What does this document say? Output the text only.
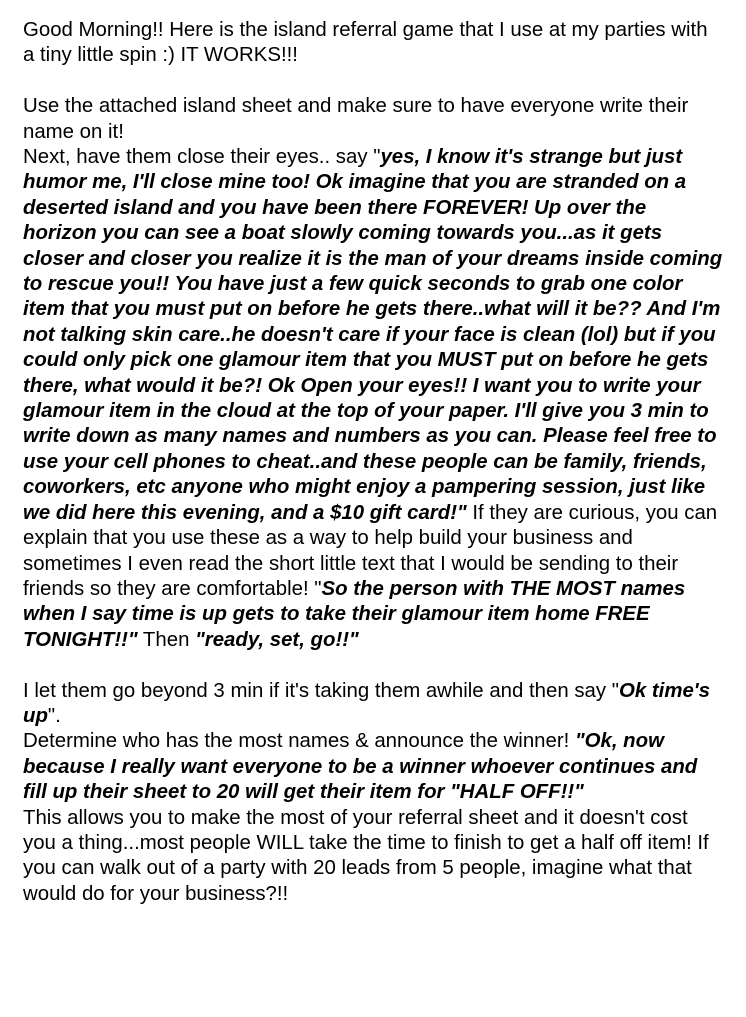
Good Morning!! Here is the island referral game that I use at my parties with a tiny little spin :) IT WORKS!!!

Use the attached island sheet and make sure to have everyone write their name on it!

Next, have them close their eyes.. say "yes, I know it's strange but just humor me, I'll close mine too! Ok imagine that you are stranded on a deserted island and you have been there FOREVER! Up over the horizon you can see a boat slowly coming towards you...as it gets closer and closer you realize it is the man of your dreams inside coming to rescue you!! You have just a few quick seconds to grab one color item that you must put on before he gets there..what will it be?? And I'm not talking skin care..he doesn't care if your face is clean (lol) but if you could only pick one glamour item that you MUST put on before he gets there, what would it be?! Ok Open your eyes!! I want you to write your glamour item in the cloud at the top of your paper. I'll give you 3 min to write down as many names and numbers as you can. Please feel free to use your cell phones to cheat..and these people can be family, friends, coworkers, etc anyone who might enjoy a pampering session, just like we did here this evening, and a $10 gift card!" If they are curious, you can explain that you use these as a way to help build your business and sometimes I even read the short little text that I would be sending to their friends so they are comfortable! "So the person with THE MOST names when I say time is up gets to take their glamour item home FREE TONIGHT!!" Then "ready, set, go!!"

I let them go beyond 3 min if it's taking them awhile and then say "Ok time's up".

Determine who has the most names & announce the winner! "Ok, now because I really want everyone to be a winner whoever continues and fill up their sheet to 20 will get their item for "HALF OFF!!"

This allows you to make the most of your referral sheet and it doesn't cost you a thing...most people WILL take the time to finish to get a half off item! If you can walk out of a party with 20 leads from 5 people, imagine what that would do for your business?!!
